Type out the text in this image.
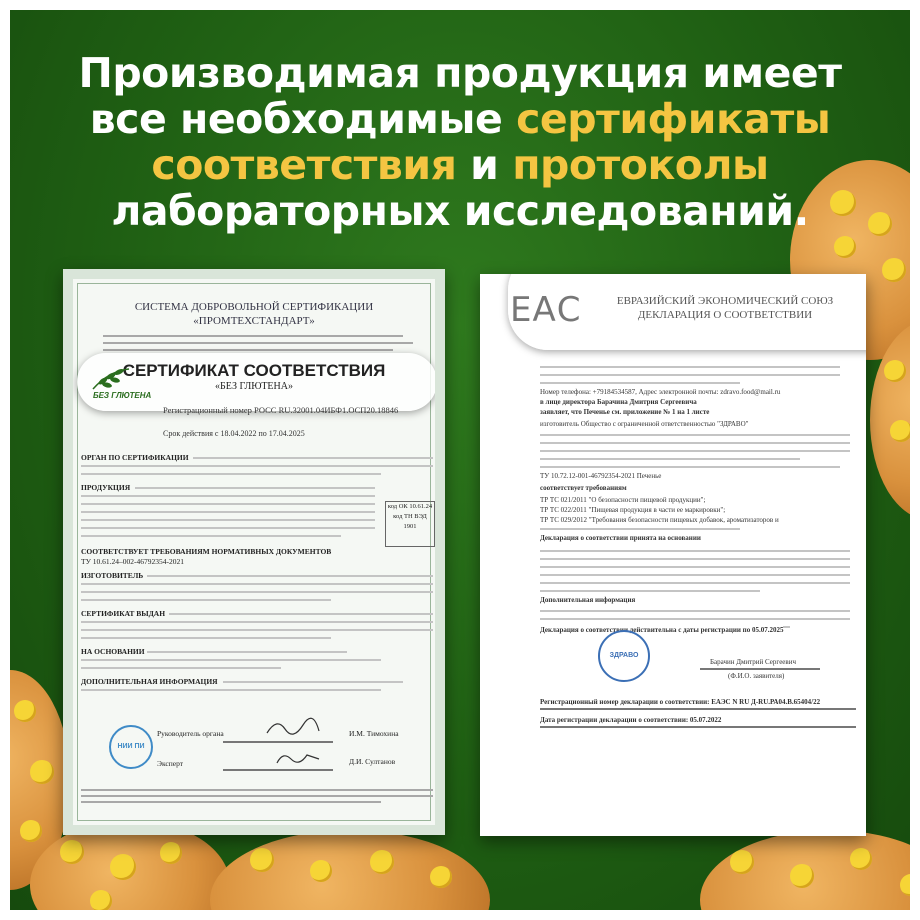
Производимая продукция имеет
все необходимые сертификаты
соответствия и протоколы
лабораторных исследований.
СИСТЕМА ДОБРОВОЛЬНОЙ СЕРТИФИКАЦИИ
«ПРОМТЕХСТАНДАРТ»
СЕРТИФИКАТ СООТВЕТСТВИЯ
«БЕЗ ГЛЮТЕНА»
БЕЗ ГЛЮТЕНА
Регистрационный номер РОСС RU.32001.04ИБФ1.ОСП20.18846
Срок действия с 18.04.2022 по 17.04.2025
ОРГАН ПО СЕРТИФИКАЦИИ
ПРОДУКЦИЯ
код ОК 10.61.24
код ТН ВЭД 1901
СООТВЕТСТВУЕТ ТРЕБОВАНИЯМ НОРМАТИВНЫХ ДОКУМЕНТОВ
ТУ 10.61.24–002-46792354-2021
ИЗГОТОВИТЕЛЬ
СЕРТИФИКАТ ВЫДАН
НА ОСНОВАНИИ
ДОПОЛНИТЕЛЬНАЯ ИНФОРМАЦИЯ
НИИ ПИ
Руководитель органа	И.М. Тимохина
Эксперт	Д.И. Султанов
ЕАС	ЕВРАЗИЙСКИЙ ЭКОНОМИЧЕСКИЙ СОЮЗ
ДЕКЛАРАЦИЯ О СООТВЕТСТВИИ
Номер телефона: +79184534587, Адрес электронной почты: zdravo.food@mail.ru
в лице директора Барачина Дмитрия Сергеевича
заявляет, что Печенье см. приложение № 1 на 1 листе
изготовитель Общество с ограниченной ответственностью "ЗДРАВО"
ТУ 10.72.12-001-46792354-2021 Печенье
соответствует требованиям
ТР ТС 021/2011 "О безопасности пищевой продукции";
ТР ТС 022/2011 "Пищевая продукция в части ее маркировки";
ТР ТС 029/2012 "Требования безопасности пищевых добавок, ароматизаторов и
Декларация о соответствии принята на основании
Дополнительная информация
Декларация о соответствии действительна с даты регистрации по 05.07.2025
ЗДРАВО
Барачин Дмитрий Сергеевич
(Ф.И.О. заявителя)
Регистрационный номер декларации о соответствии: ЕАЭС N RU Д-RU.РА04.В.65404/22
Дата регистрации декларации о соответствии: 05.07.2022
